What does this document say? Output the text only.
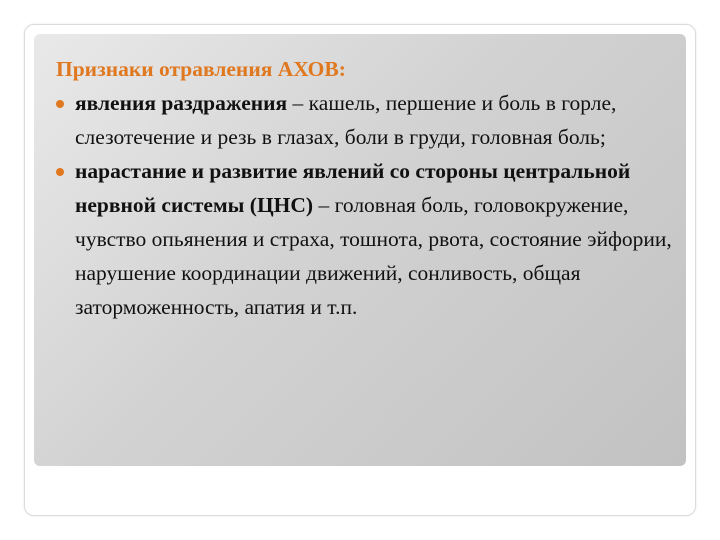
Признаки отравления АХОВ:

явления раздражения – кашель, першение и боль в горле, слезотечение и резь в глазах, боли в груди, головная боль;
нарастание и развитие явлений со стороны центральной нервной системы (ЦНС) – головная боль, головокружение, чувство опьянения и страха, тошнота, рвота, состояние эйфории, нарушение координации движений, сонливость, общая заторможенность, апатия и т.п.
